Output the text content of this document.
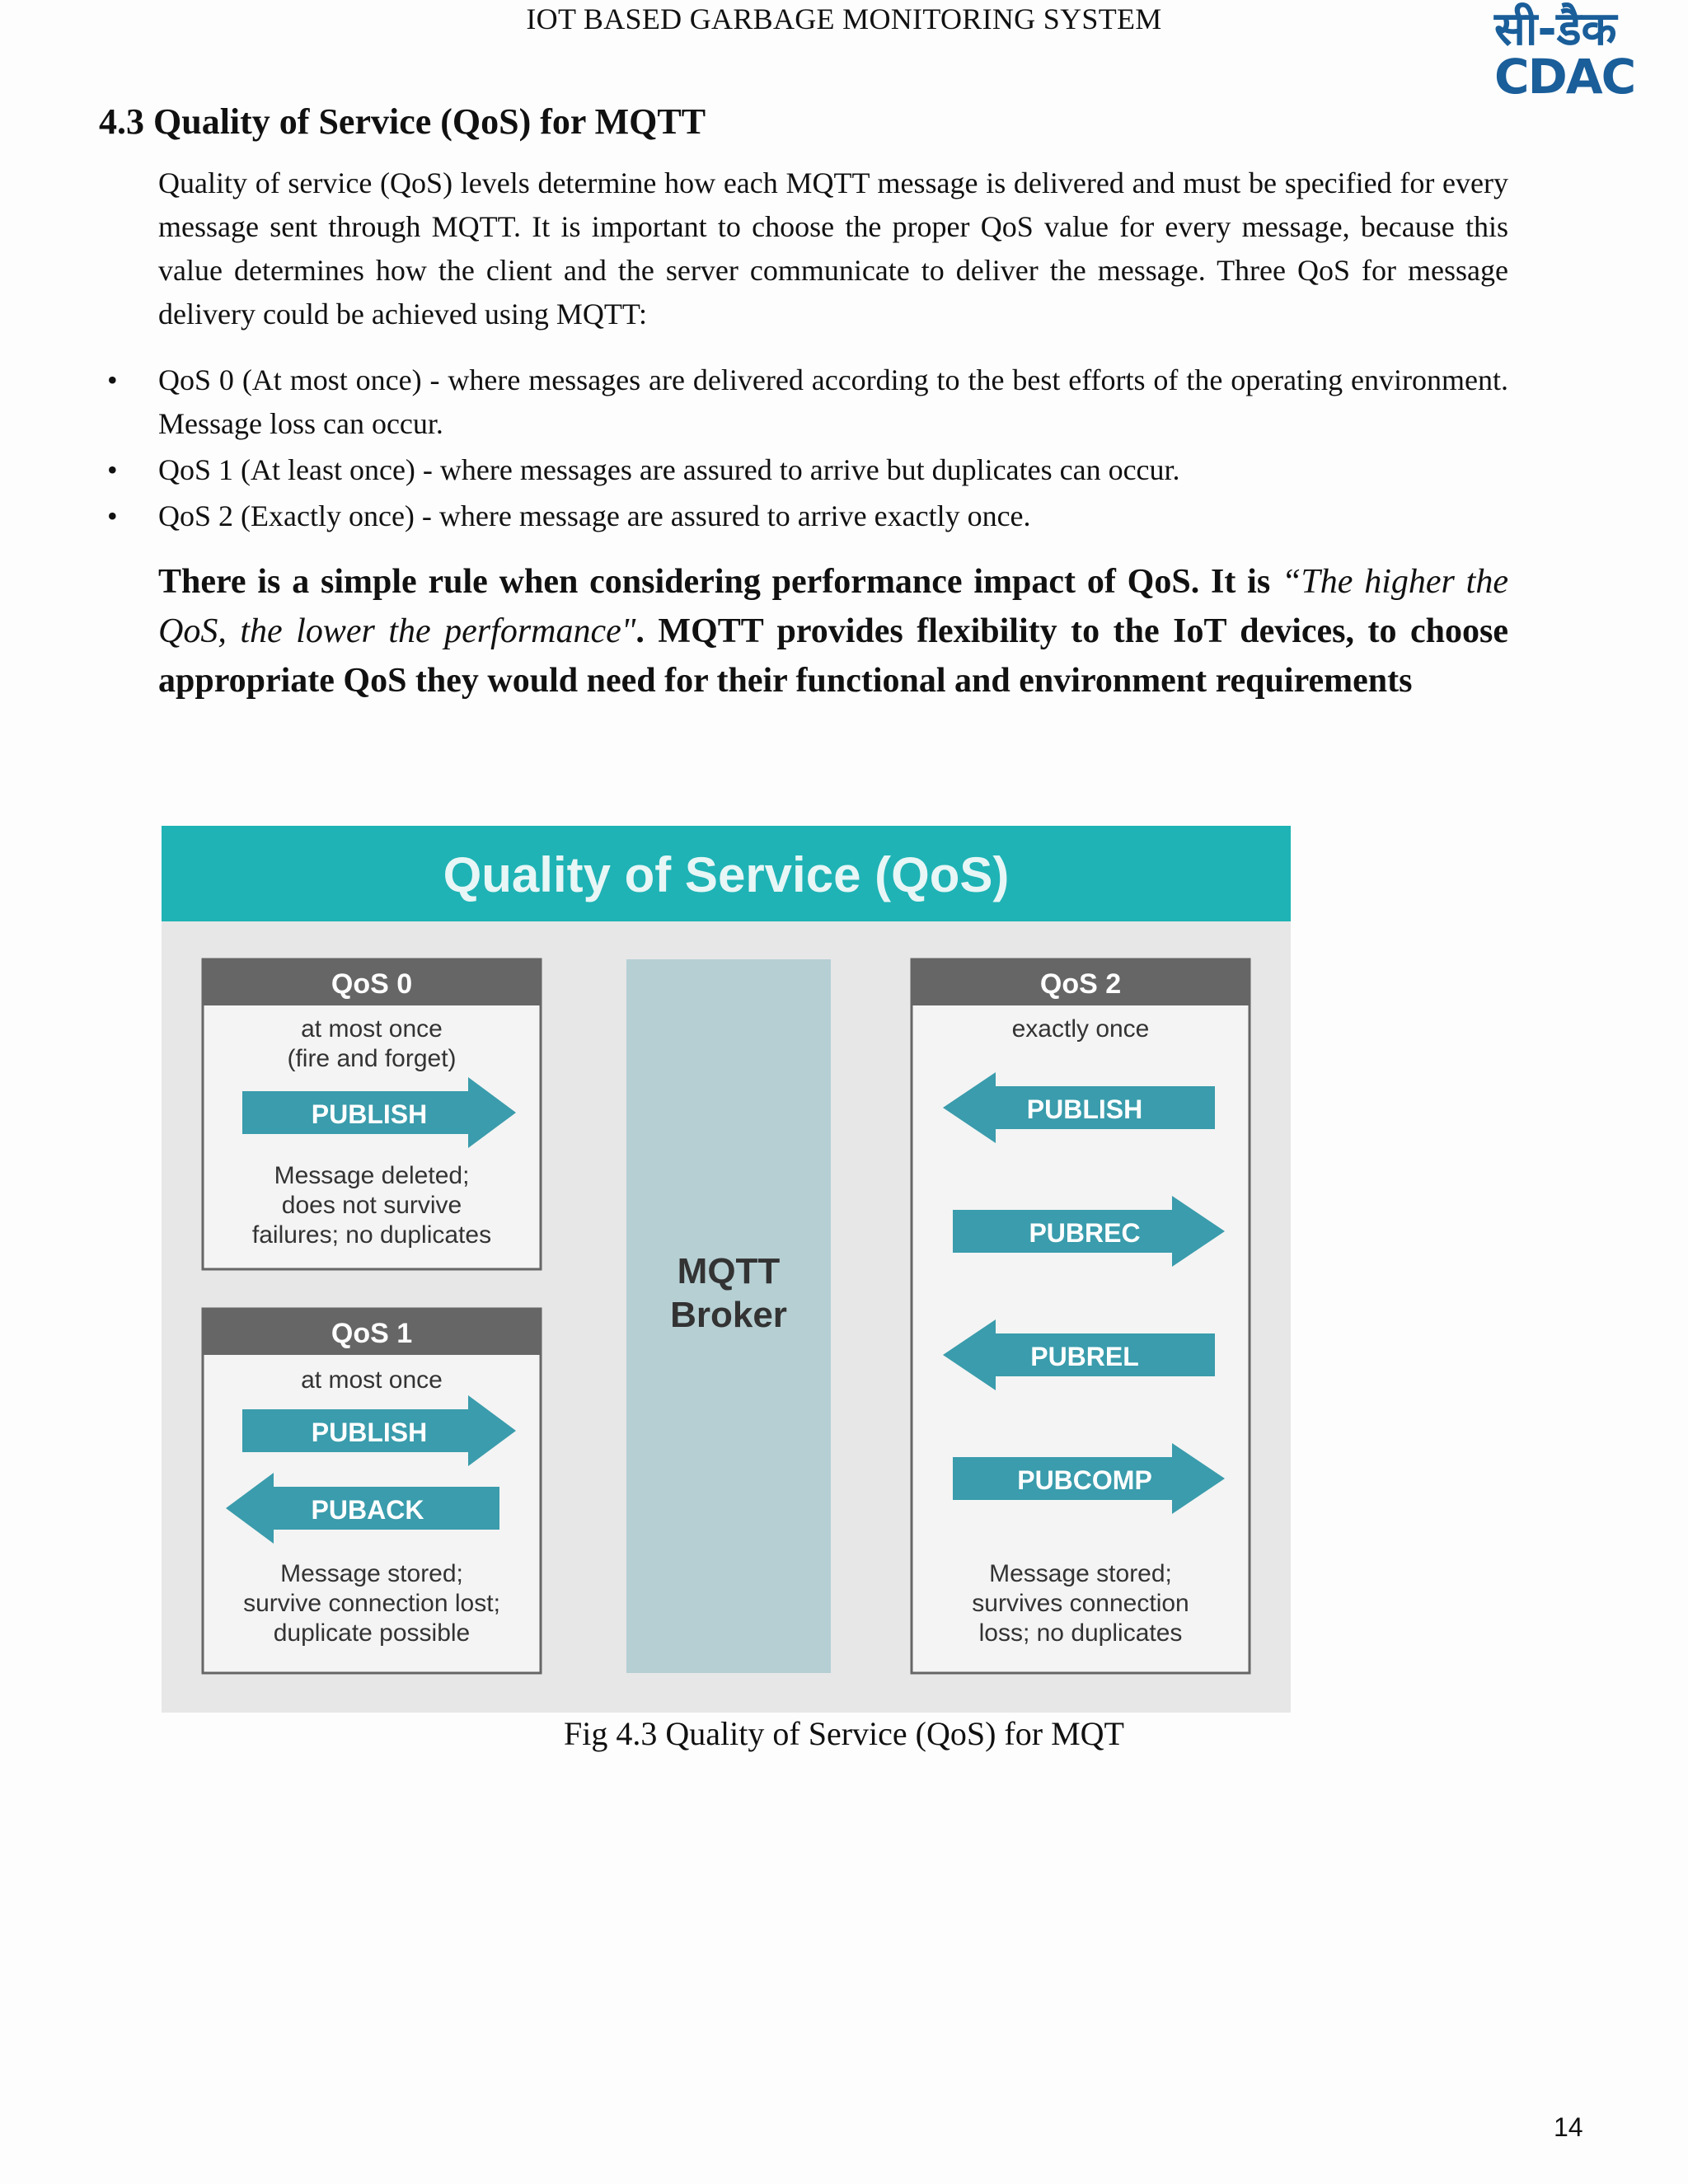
IOT BASED GARBAGE MONITORING SYSTEM	सी-डैक
CDAC
4.3 Quality of Service (QoS) for MQTT

Quality of service (QoS) levels determine how each MQTT message is delivered and must be specified for every message sent through MQTT. It is important to choose the proper QoS value for every message, because this value determines how the client and the server communicate to deliver the message. Three QoS for message delivery could be achieved using MQTT:

• QoS 0 (At most once) - where messages are delivered according to the best efforts of the operating environment. Message loss can occur.
• QoS 1 (At least once) - where messages are assured to arrive but duplicates can occur.
• QoS 2 (Exactly once) - where message are assured to arrive exactly once.

There is a simple rule when considering performance impact of QoS. It is “The higher the QoS, the lower the performance". MQTT provides flexibility to the IoT devices, to choose appropriate QoS they would need for their functional and environment requirements

Quality of Service (QoS)
MQTT
Broker
QoS 0
at most once
(fire and forget)
PUBLISH
Message deleted;
does not survive
failures; no duplicates
QoS 1
at most once
PUBLISH
PUBACK
Message stored;
survive connection lost;
duplicate possible
QoS 2
exactly once
PUBLISH
PUBREC
PUBREL
PUBCOMP
Message stored;
survives connection
loss; no duplicates
Fig 4.3 Quality of Service (QoS) for MQT
14
